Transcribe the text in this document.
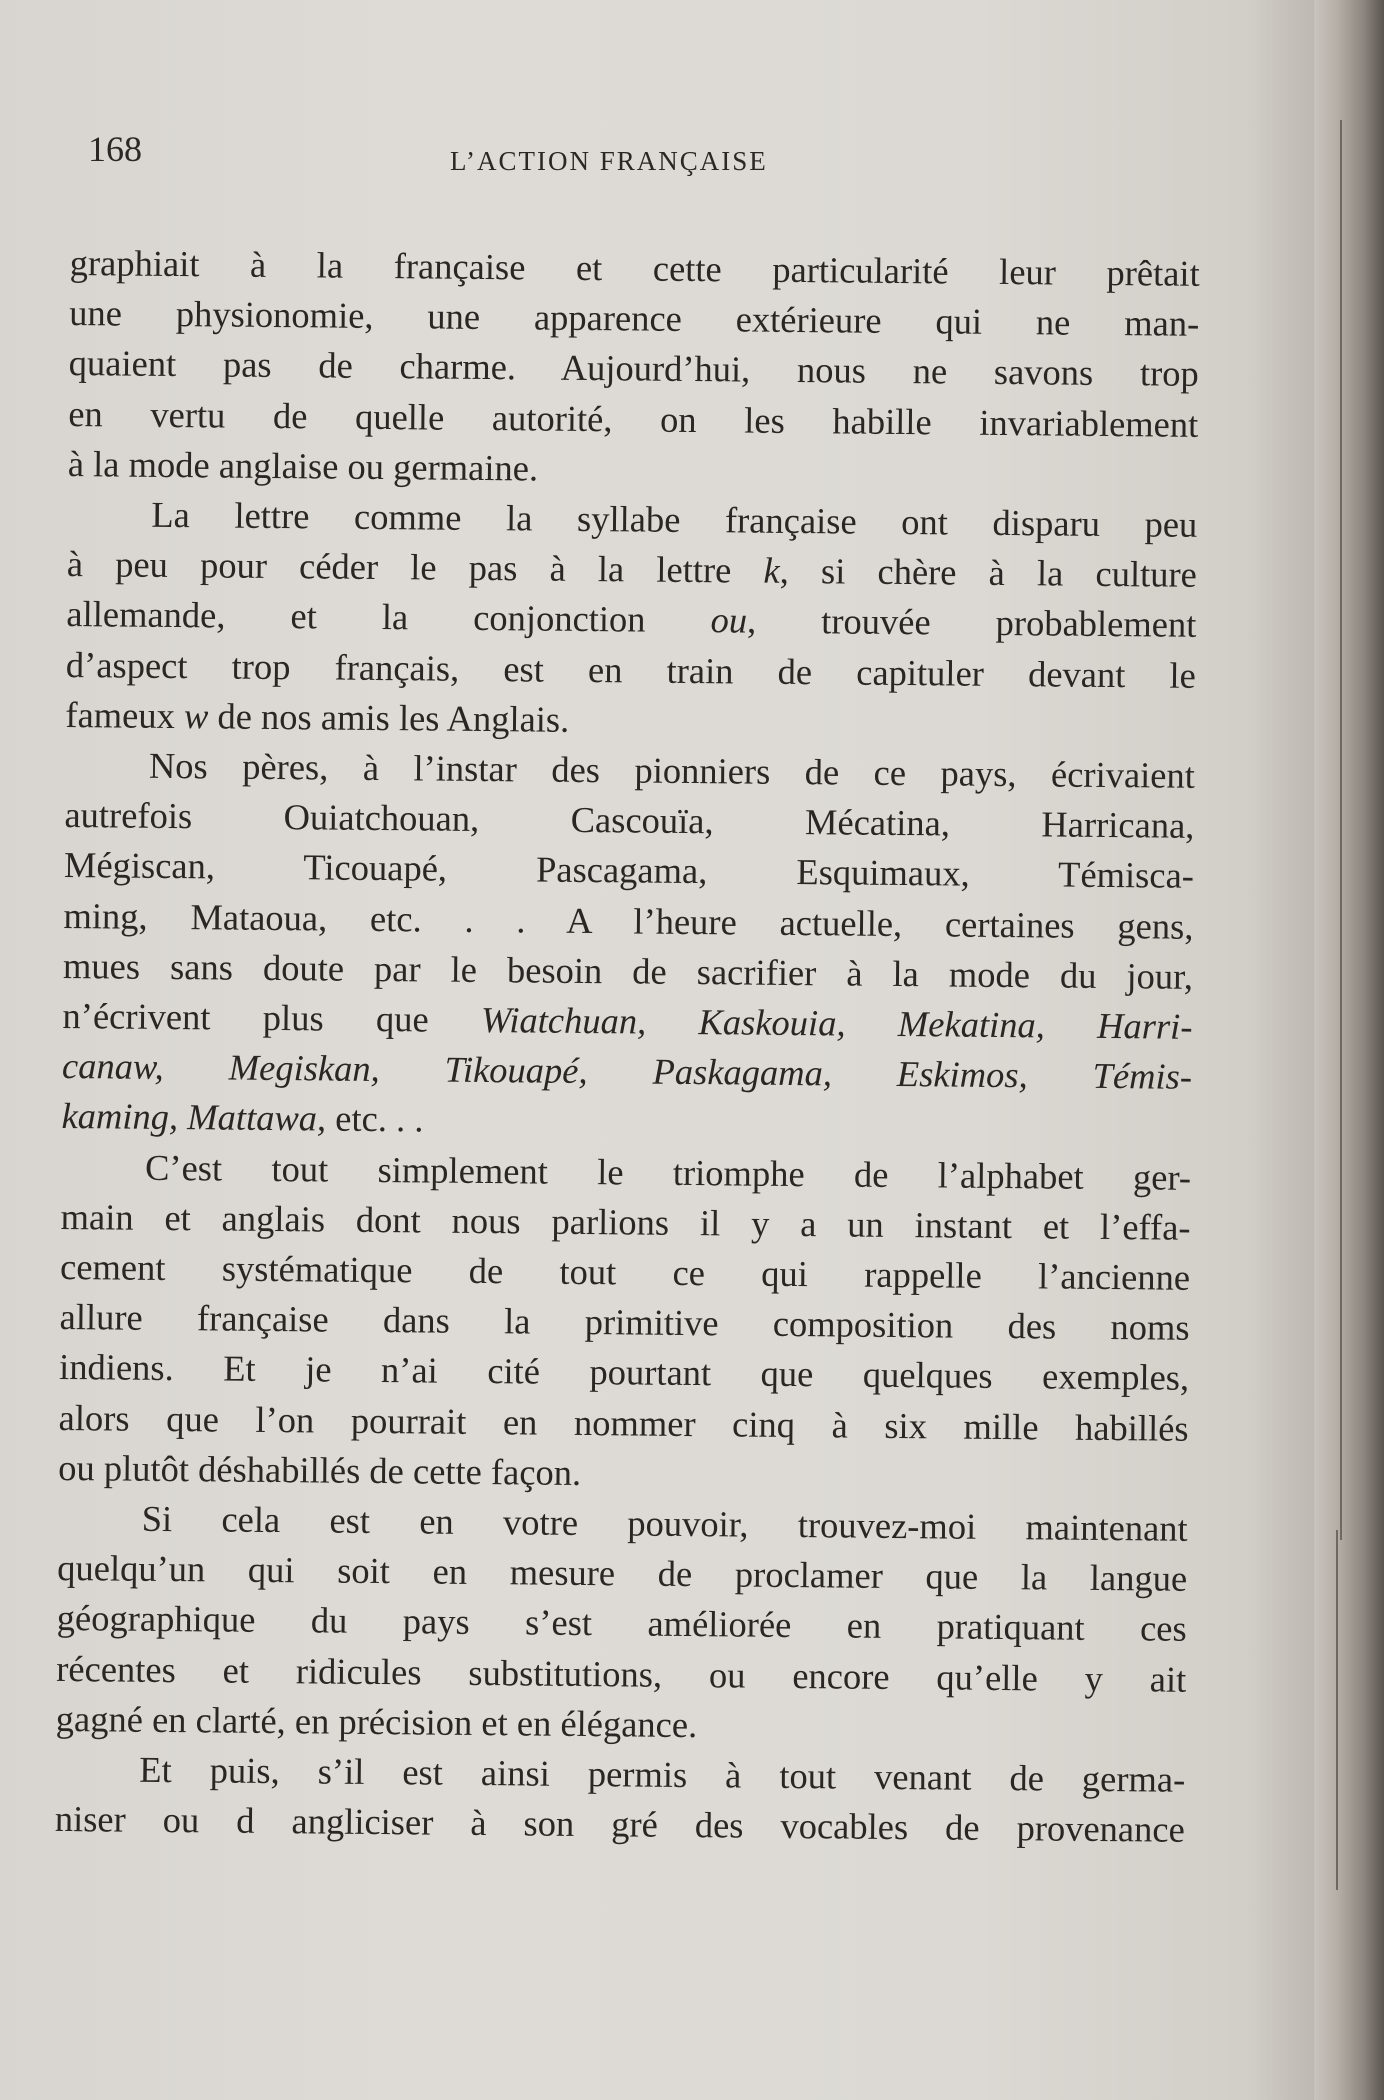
168	L’ACTION FRANÇAISE
graphiait à la française et cette particularité leur prêtait
une physionomie, une apparence extérieure qui ne man-
quaient pas de charme. Aujourd’hui, nous ne savons trop
en vertu de quelle autorité, on les habille invariablement
à la mode anglaise ou germaine.
La lettre comme la syllabe française ont disparu peu
à peu pour céder le pas à la lettre k, si chère à la culture
allemande, et la conjonction ou, trouvée probablement
d’aspect trop français, est en train de capituler devant le
fameux w de nos amis les Anglais.
Nos pères, à l’instar des pionniers de ce pays, écrivaient
autrefois Ouiatchouan, Cascouïa, Mécatina, Harricana,
Mégiscan, Ticouapé, Pascagama, Esquimaux, Témisca-
ming, Mataoua, etc. . . A l’heure actuelle, certaines gens,
mues sans doute par le besoin de sacrifier à la mode du jour,
n’écrivent plus que Wiatchuan, Kaskouia, Mekatina, Harri-
canaw, Megiskan, Tikouapé, Paskagama, Eskimos, Témis-
kaming, Mattawa, etc. . .
C’est tout simplement le triomphe de l’alphabet ger-
main et anglais dont nous parlions il y a un instant et l’effa-
cement systématique de tout ce qui rappelle l’ancienne
allure française dans la primitive composition des noms
indiens. Et je n’ai cité pourtant que quelques exemples,
alors que l’on pourrait en nommer cinq à six mille habillés
ou plutôt déshabillés de cette façon.
Si cela est en votre pouvoir, trouvez-moi maintenant
quelqu’un qui soit en mesure de proclamer que la langue
géographique du pays s’est améliorée en pratiquant ces
récentes et ridicules substitutions, ou encore qu’elle y ait
gagné en clarté, en précision et en élégance.
Et puis, s’il est ainsi permis à tout venant de germa-
niser ou d angliciser à son gré des vocables de provenance
